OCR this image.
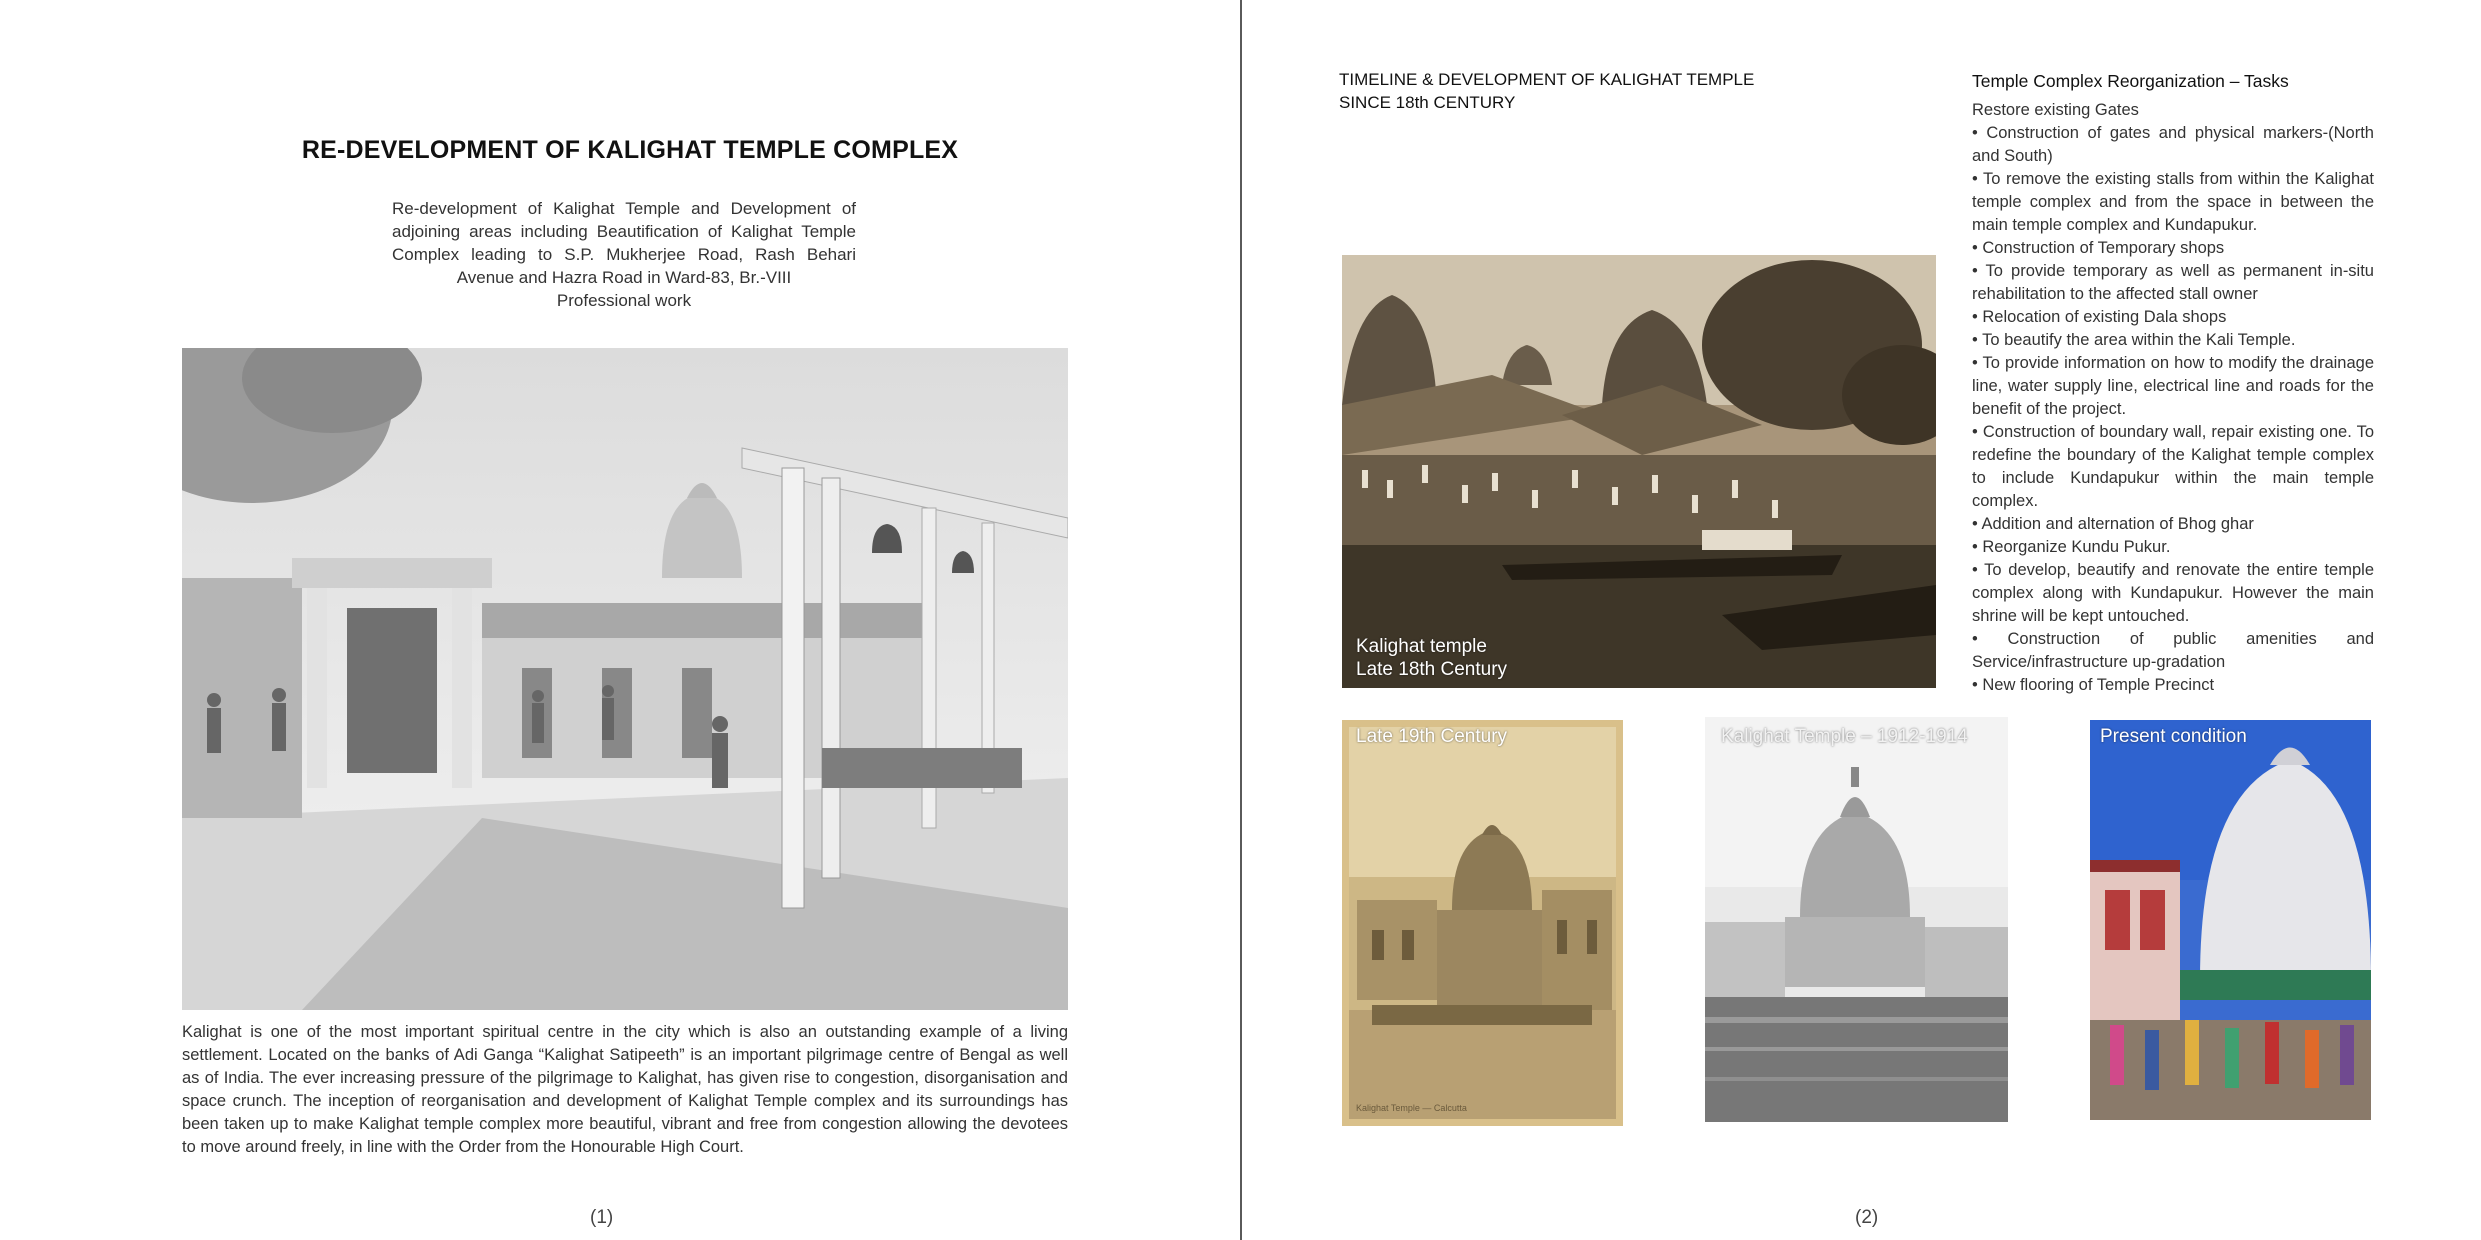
RE-DEVELOPMENT OF KALIGHAT TEMPLE COMPLEX
Re-development of Kalighat Temple and Development of adjoining areas including Beautification of Kalighat Temple Complex leading to S.P. Mukherjee Road, Rash Behari Avenue and Hazra Road in Ward-83, Br.-VIII
Professional work
Kalighat is one of the most important spiritual centre in the city which is also an outstanding example of a living settlement. Located on the banks of Adi Ganga “Kalighat Satipeeth” is an important pilgrimage centre of Bengal as well as of India. The ever increasing pressure of the pilgrimage to Kalighat, has given rise to congestion, disorganisation and space crunch. The inception of reorganisation and development of Kalighat Temple complex and its surroundings has been taken up to make Kalighat temple complex more beautiful, vibrant and free from congestion allowing the devotees to move around freely, in line with the Order from the Honourable High Court.
(1)
TIMELINE & DEVELOPMENT OF KALIGHAT TEMPLE
SINCE 18th CENTURY
Kalighat temple
Late 18th Century
Late 19th Century
Kalighat Temple — Calcutta
Kalighat Temple – 1912-1914	Present condition
Temple Complex Reorganization – Tasks
Restore existing Gates
• Construction of gates and physical markers-(North and South)
• To remove the existing stalls from within the Kalighat temple complex and from the space in between the main temple complex and Kundapukur.
• Construction of Temporary shops
• To provide temporary as well as permanent in-situ rehabilitation to the affected stall owner
• Relocation of existing Dala shops
• To beautify the area within the Kali Temple.
• To provide information on how to modify the drainage line, water supply line, electrical line and roads for the benefit of the project.
• Construction of boundary wall, repair existing one. To redefine the boundary of the Kalighat temple complex to include Kundapukur within the main temple complex.
• Addition and alternation of Bhog ghar
• Reorganize Kundu Pukur.
• To develop, beautify and renovate the entire temple complex along with Kundapukur. However the main shrine will be kept untouched.
• Construction of public amenities and Service/infrastructure up-gradation
• New flooring of Temple Precinct
(2)
